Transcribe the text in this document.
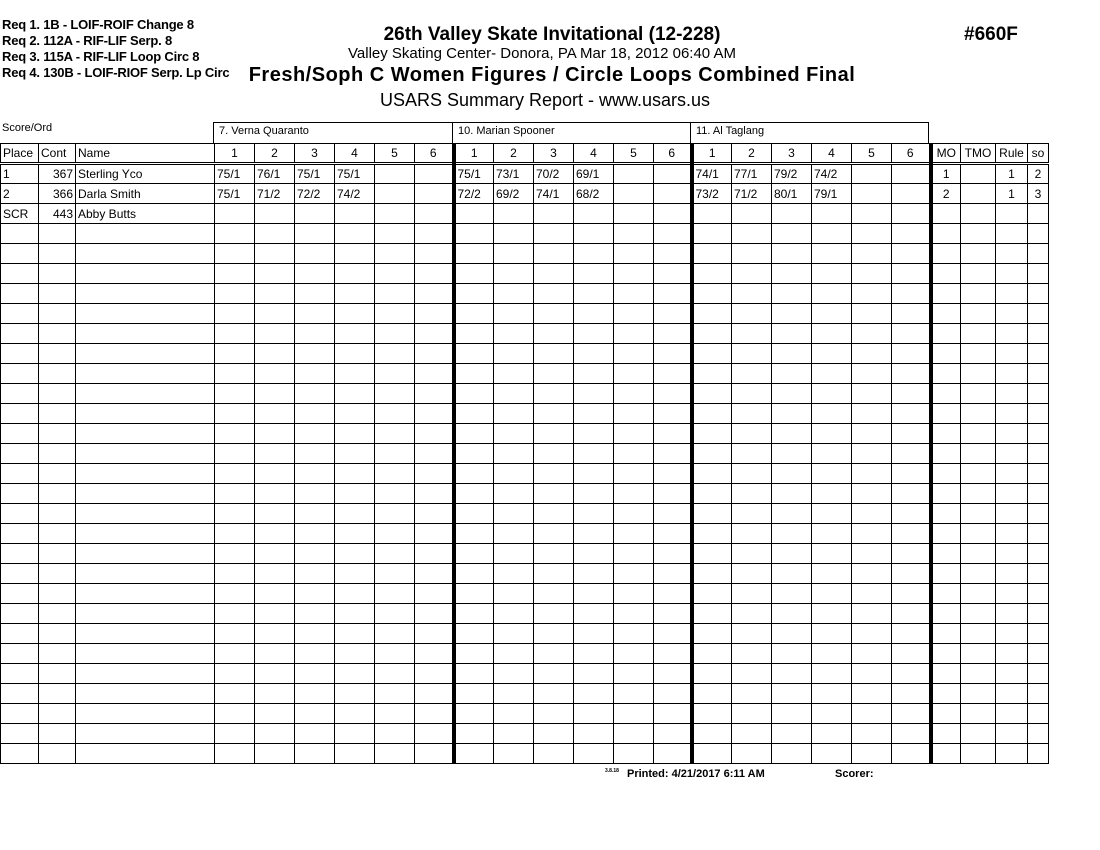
Req 1. 1B - LOIF-ROIF Change 8
Req 2. 112A - RIF-LIF Serp. 8
Req 3. 115A - RIF-LIF Loop Circ 8
Req 4. 130B - LOIF-RIOF Serp. Lp Circ
26th Valley Skate Invitational (12-228)
Valley Skating Center- Donora, PA Mar 18, 2012 06:40 AM
Fresh/Soph C Women Figures / Circle Loops Combined Final
USARS Summary Report - www.usars.us
#660F
Score/Ord	7. Verna Quaranto	10. Marian Spooner	11. Al Taglang
Place	Cont	Name	1	2	3	4	5	6	1	2	3	4	5	6	1	2	3	4	5	6	MO	TMO	Rule	so
1	367	Sterling Yco	75/1	76/1	75/1	75/1			75/1	73/1	70/2	69/1			74/1	77/1	79/2	74/2			1		1	2
2	366	Darla Smith	75/1	71/2	72/2	74/2			72/2	69/2	74/1	68/2			73/2	71/2	80/1	79/1			2		1	3
SCR	443	Abby Butts																						

3.8.18 Printed: 4/21/2017 6:11 AM	Scorer:
